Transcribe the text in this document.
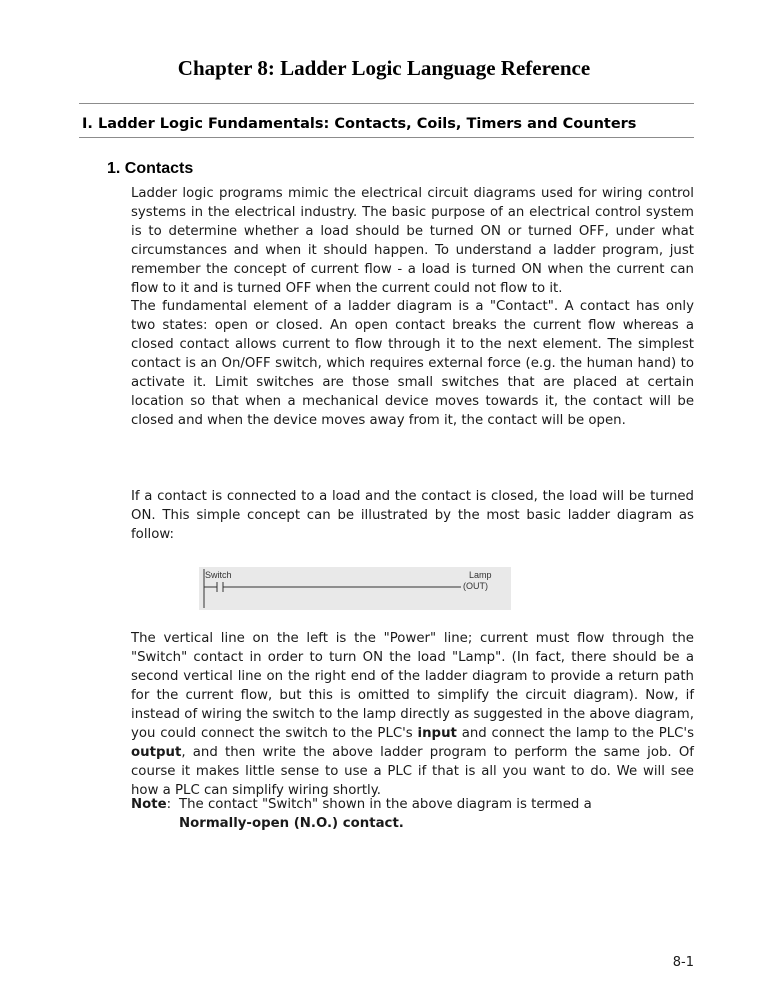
Chapter 8: Ladder Logic Language Reference
I. Ladder Logic Fundamentals: Contacts, Coils, Timers and Counters
1. Contacts

Ladder logic programs mimic the electrical circuit diagrams used for wiring control systems in the electrical industry. The basic purpose of an electrical control system is to determine whether a load should be turned ON or turned OFF, under what circumstances and when it should happen. To understand a ladder program, just remember the concept of current flow - a load is turned ON when the current can flow to it and is turned OFF when the current could not flow to it.

The fundamental element of a ladder diagram is a "Contact". A contact has only two states: open or closed. An open contact breaks the current flow whereas a closed contact allows current to flow through it to the next element. The simplest contact is an On/OFF switch, which requires external force (e.g. the human hand) to activate it. Limit switches are those small switches that are placed at certain location so that when a mechanical device moves towards it, the contact will be closed and when the device moves away from it, the contact will be open.

If a contact is connected to a load and the contact is closed, the load will be turned ON. This simple concept can be illustrated by the most basic ladder diagram as follow:

Switch	Lamp
(OUT)

The vertical line on the left is the "Power" line; current must flow through the "Switch" contact in order to turn ON the load "Lamp". (In fact, there should be a second vertical line on the right end of the ladder diagram to provide a return path for the current flow, but this is omitted to simplify the circuit diagram). Now, if instead of wiring the switch to the lamp directly as suggested in the above diagram, you could connect the switch to the PLC's input and connect the lamp to the PLC's output, and then write the above ladder program to perform the same job. Of course it makes little sense to use a PLC if that is all you want to do. We will see how a PLC can simplify wiring shortly.

Note: The contact "Switch" shown in the above diagram is termed a Normally-open (N.O.) contact.
8-1
